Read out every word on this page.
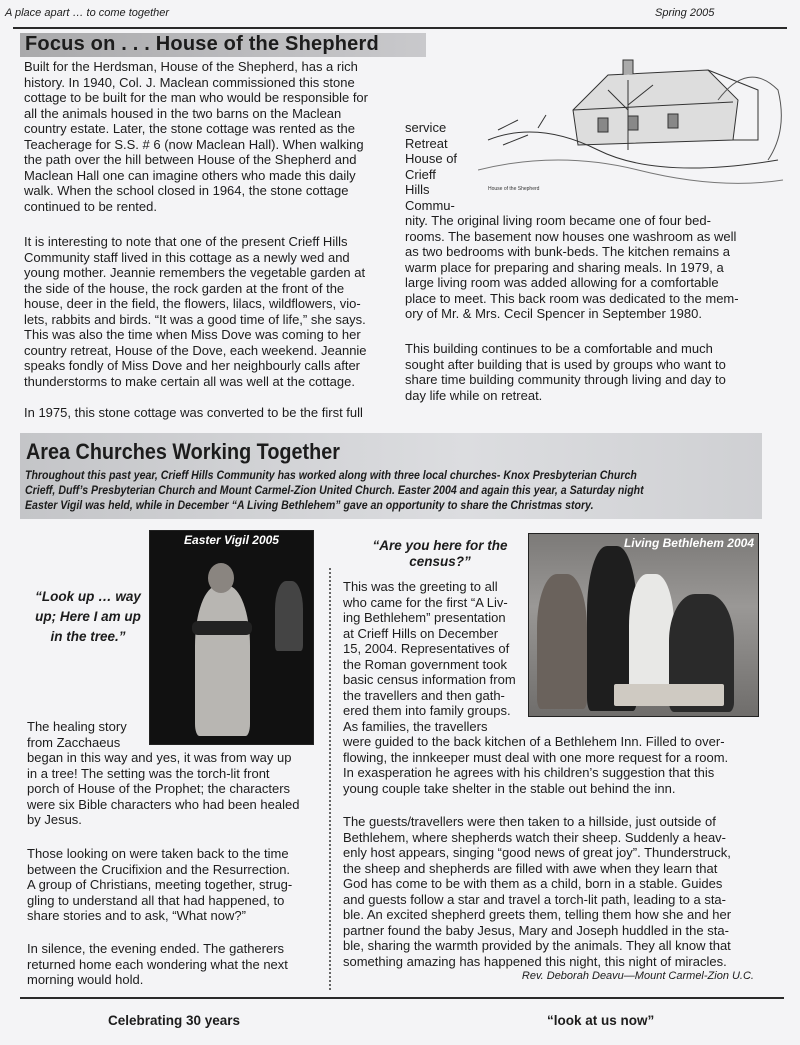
A place apart … to come together	Spring 2005
Focus on . . . House of the Shepherd
Built for the Herdsman, House of the Shepherd, has a rich
history. In 1940, Col. J. Maclean commissioned this stone
cottage to be built for the man who would be responsible for
all the animals housed in the two barns on the Maclean
country estate. Later, the stone cottage was rented as the
Teacherage for S.S. # 6 (now Maclean Hall). When walking
the path over the hill between House of the Shepherd and
Maclean Hall one can imagine others who made this daily
walk. When the school closed in 1964, the stone cottage
continued to be rented.
It is interesting to note that one of the present Crieff Hills
Community staff lived in this cottage as a newly wed and
young mother. Jeannie remembers the vegetable garden at
the side of the house, the rock garden at the front of the
house, deer in the field, the flowers, lilacs, wildflowers, vio-
lets, rabbits and birds. “It was a good time of life,” she says.
This was also the time when Miss Dove was coming to her
country retreat, House of the Dove, each weekend. Jeannie
speaks fondly of Miss Dove and her neighbourly calls after
thunderstorms to make certain all was well at the cottage.
In 1975, this stone cottage was converted to be the first full
House of the Shepherd
service
Retreat
House of
Crieff
Hills
Commu-
nity. The original living room became one of four bed-
rooms. The basement now houses one washroom as well
as two bedrooms with bunk-beds. The kitchen remains a
warm place for preparing and sharing meals. In 1979, a
large living room was added allowing for a comfortable
place to meet. This back room was dedicated to the mem-
ory of Mr. & Mrs. Cecil Spencer in September 1980.
This building continues to be a comfortable and much
sought after building that is used by groups who want to
share time building community through living and day to
day life while on retreat.
Area Churches Working Together
Throughout this past year, Crieff Hills Community has worked along with three local churches- Knox Presbyterian Church
Crieff, Duff’s Presbyterian Church and Mount Carmel-Zion United Church. Easter 2004 and again this year, a Saturday night
Easter Vigil was held, while in December “A Living Bethlehem” gave an opportunity to share the Christmas story.
“Look up … way
up; Here I am up
in the tree.”
Easter Vigil 2005
The healing story
from Zacchaeus
began in this way and yes, it was from way up
in a tree! The setting was the torch-lit front
porch of House of the Prophet; the characters
were six Bible characters who had been healed
by Jesus.
Those looking on were taken back to the time
between the Crucifixion and the Resurrection.
A group of Christians, meeting together, strug-
gling to understand all that had happened, to
share stories and to ask, “What now?”
In silence, the evening ended. The gatherers
returned home each wondering what the next
morning would hold.
“Are you here for the
census?”
Living Bethlehem 2004
This was the greeting to all
who came for the first “A Liv-
ing Bethlehem” presentation
at Crieff Hills on December
15, 2004. Representatives of
the Roman government took
basic census information from
the travellers and then gath-
ered them into family groups.
As families, the travellers
were guided to the back kitchen of a Bethlehem Inn. Filled to over-
flowing, the innkeeper must deal with one more request for a room.
In exasperation he agrees with his children’s suggestion that this
young couple take shelter in the stable out behind the inn.
The guests/travellers were then taken to a hillside, just outside of
Bethlehem, where shepherds watch their sheep. Suddenly a heav-
enly host appears, singing “good news of great joy”. Thunderstruck,
the sheep and shepherds are filled with awe when they learn that
God has come to be with them as a child, born in a stable. Guides
and guests follow a star and travel a torch-lit path, leading to a sta-
ble. An excited shepherd greets them, telling them how she and her
partner found the baby Jesus, Mary and Joseph huddled in the sta-
ble, sharing the warmth provided by the animals. They all know that
something amazing has happened this night, this night of miracles.
Rev. Deborah Deavu—Mount Carmel-Zion U.C.
Celebrating 30 years	“look at us now”
